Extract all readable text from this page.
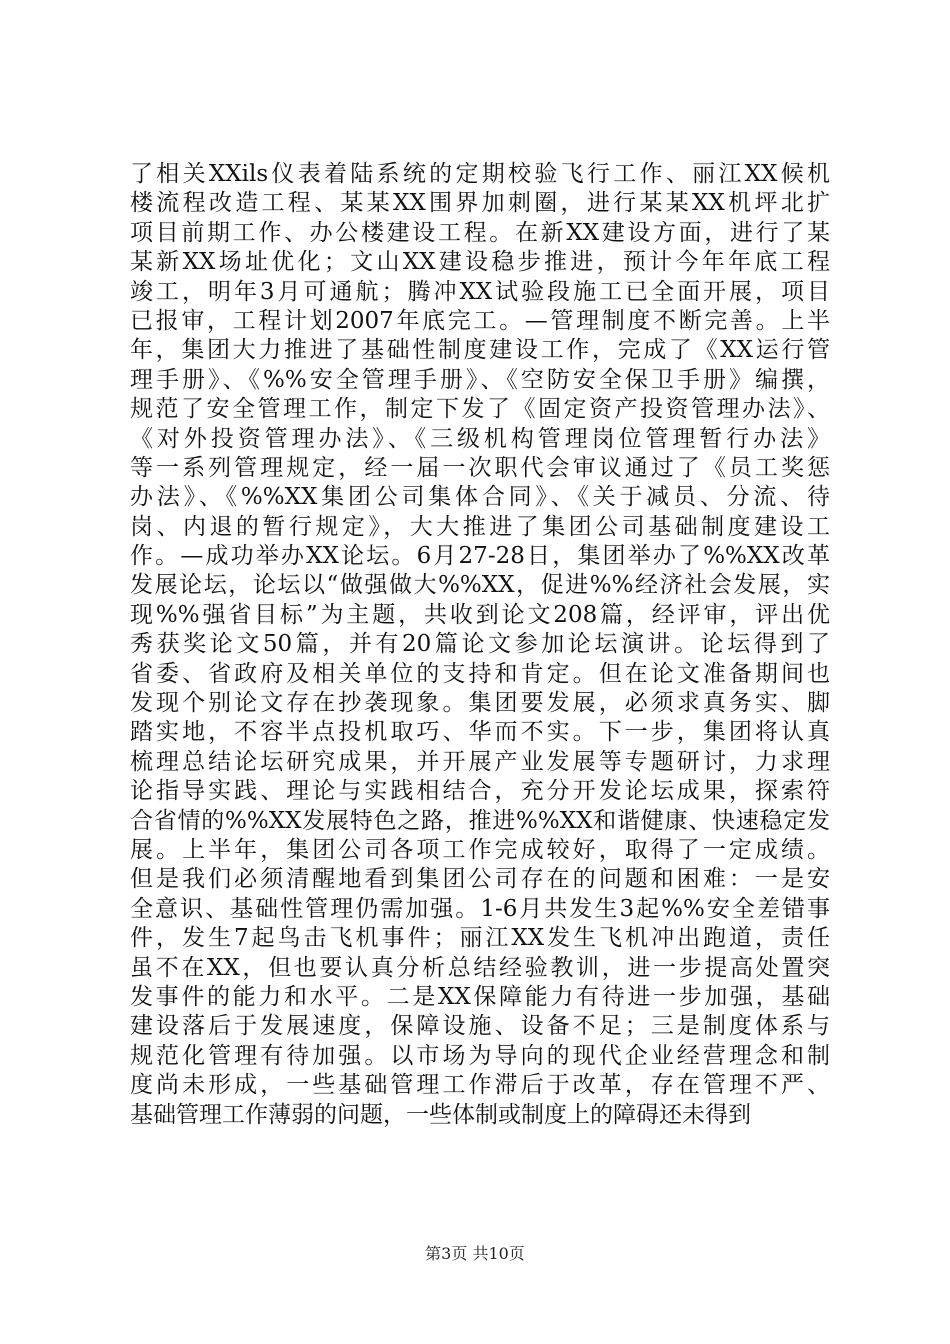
了相关XXils仪表着陆系统的定期校验飞行工作、丽江XX候机

楼流程改造工程、某某XX围界加刺圈，进行某某XX机坪北扩

项目前期工作、办公楼建设工程。在新XX建设方面，进行了某

某新XX场址优化；文山XX建设稳步推进，预计今年年底工程

竣工，明年3月可通航；腾冲XX试验段施工已全面开展，项目

已报审，工程计划2007年底完工。—管理制度不断完善。上半

年，集团大力推进了基础性制度建设工作，完成了《XX运行管

理手册》、《%%安全管理手册》、《空防安全保卫手册》编撰，

规范了安全管理工作，制定下发了《固定资产投资管理办法》、

《对外投资管理办法》、《三级机构管理岗位管理暂行办法》

等一系列管理规定，经一届一次职代会审议通过了《员工奖惩

办法》、《%%XX集团公司集体合同》、《关于减员、分流、待

岗、内退的暂行规定》，大大推进了集团公司基础制度建设工

作。—成功举办XX论坛。6月27-28日，集团举办了%%XX改革

发展论坛，论坛以“做强做大%%XX，促进%%经济社会发展，实

现%%强省目标”为主题，共收到论文208篇，经评审，评出优

秀获奖论文50篇，并有20篇论文参加论坛演讲。论坛得到了

省委、省政府及相关单位的支持和肯定。但在论文准备期间也

发现个别论文存在抄袭现象。集团要发展，必须求真务实、脚

踏实地，不容半点投机取巧、华而不实。下一步，集团将认真

梳理总结论坛研究成果，并开展产业发展等专题研讨，力求理

论指导实践、理论与实践相结合，充分开发论坛成果，探索符

合省情的%%XX发展特色之路，推进%%XX和谐健康、快速稳定发

展。上半年，集团公司各项工作完成较好，取得了一定成绩。

但是我们必须清醒地看到集团公司存在的问题和困难：一是安

全意识、基础性管理仍需加强。1-6月共发生3起%%安全差错事

件，发生7起鸟击飞机事件；丽江XX发生飞机冲出跑道，责任

虽不在XX，但也要认真分析总结经验教训，进一步提高处置突

发事件的能力和水平。二是XX保障能力有待进一步加强，基础

建设落后于发展速度，保障设施、设备不足；三是制度体系与

规范化管理有待加强。以市场为导向的现代企业经营理念和制

度尚未形成，一些基础管理工作滞后于改革，存在管理不严、

基础管理工作薄弱的问题，一些体制或制度上的障碍还未得到

第3页 共10页
